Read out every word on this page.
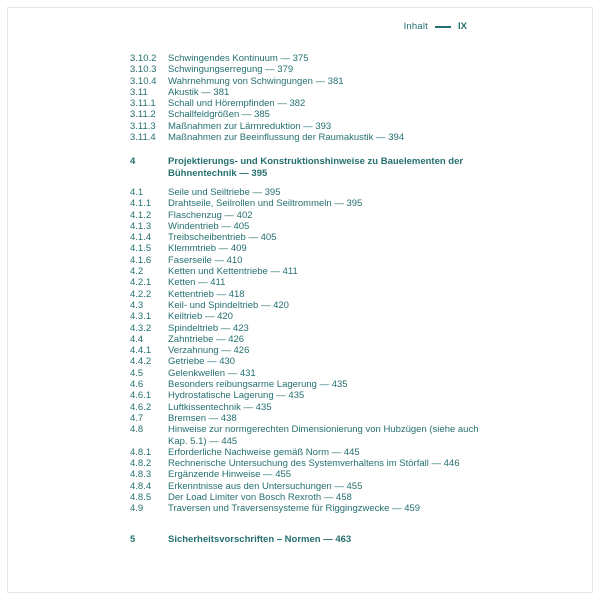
Inhalt	IX
3.10.2	Schwingendes Kontinuum — 375
3.10.3	Schwingungserregung — 379
3.10.4	Wahrnehmung von Schwingungen — 381
3.11	Akustik — 381
3.11.1	Schall und Hörempfinden — 382
3.11.2	Schallfeldgrößen — 385
3.11.3	Maßnahmen zur Lärmreduktion — 393
3.11.4	Maßnahmen zur Beeinflussung der Raumakustik — 394
4	Projektierungs- und Konstruktionshinweise zu Bauelementen der Bühnentechnik — 395
4.1	Seile und Seiltriebe — 395
4.1.1	Drahtseile, Seilrollen und Seiltrommeln — 395
4.1.2	Flaschenzug — 402
4.1.3	Windentrieb — 405
4.1.4	Treibscheibentrieb — 405
4.1.5	Klemmtrieb — 409
4.1.6	Faserseile — 410
4.2	Ketten und Kettentriebe — 411
4.2.1	Ketten — 411
4.2.2	Kettentrieb — 418
4.3	Keil- und Spindeltrieb — 420
4.3.1	Keiltrieb — 420
4.3.2	Spindeltrieb — 423
4.4	Zahntriebe — 426
4.4.1	Verzahnung — 426
4.4.2	Getriebe — 430
4.5	Gelenkwellen — 431
4.6	Besonders reibungsarme Lagerung — 435
4.6.1	Hydrostatische Lagerung — 435
4.6.2	Luftkissentechnik — 435
4.7	Bremsen — 438
4.8	Hinweise zur normgerechten Dimensionierung von Hubzügen (siehe auch Kap. 5.1) — 445
4.8.1	Erforderliche Nachweise gemäß Norm — 445
4.8.2	Rechnerische Untersuchung des Systemverhaltens im Störfall — 446
4.8.3	Ergänzende Hinweise — 455
4.8.4	Erkenntnisse aus den Untersuchungen — 455
4.8.5	Der Load Limiter von Bosch Rexroth — 458
4.9	Traversen und Traversensysteme für Riggingzwecke — 459
5	Sicherheitsvorschriften – Normen — 463
